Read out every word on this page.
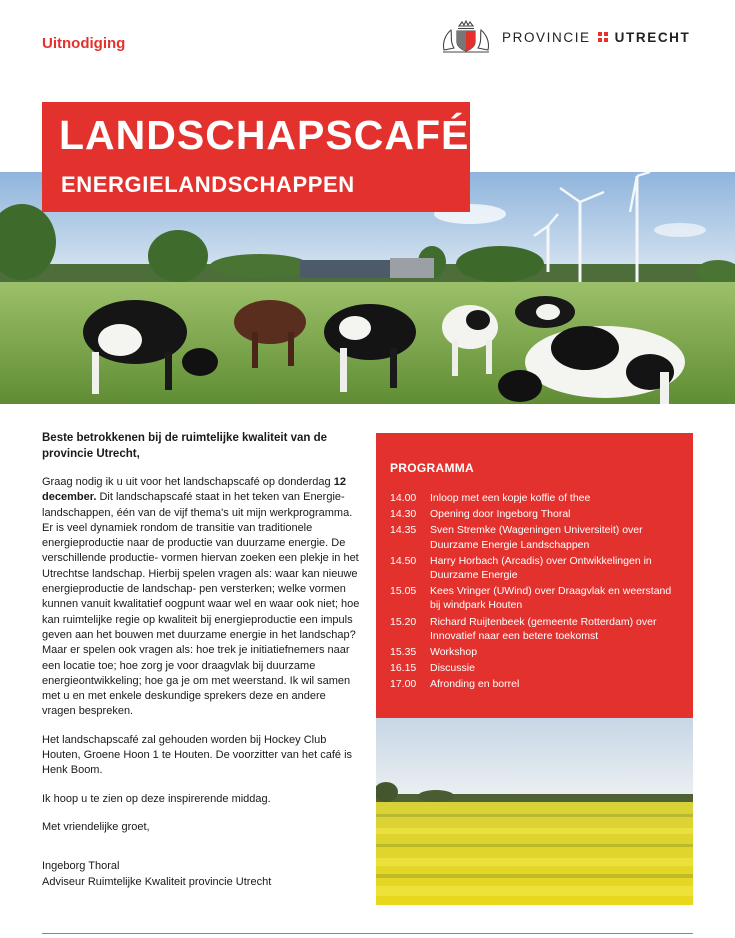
Uitnodiging	PROVINCIE UTRECHT
LANDSCHAPSCAFÉ
ENERGIELANDSCHAPPEN

Beste betrokkenen bij de ruimtelijke kwaliteit van de provincie Utrecht,

Graag nodig ik u uit voor het landschapscafé op donderdag 12 december. Dit landschapscafé staat in het teken van Energie- landschappen, één van de vijf thema's uit mijn werkprogramma. Er is veel dynamiek rondom de transitie van traditionele energieproductie naar de productie van duurzame energie. De verschillende productie- vormen hiervan zoeken een plekje in het Utrechtse landschap. Hierbij spelen vragen als: waar kan nieuwe energieproductie de landschap- pen versterken; welke vormen kunnen vanuit kwalitatief oogpunt waar wel en waar ook niet; hoe kan ruimtelijke regie op kwaliteit bij energieproductie een impuls geven aan het bouwen met duurzame energie in het landschap? Maar er spelen ook vragen als: hoe trek je initiatiefnemers naar een locatie toe; hoe zorg je voor draagvlak bij duurzame energieontwikkeling; hoe ga je om met weerstand. Ik wil samen met u en met enkele deskundige sprekers deze en andere vragen bespreken.

Het landschapscafé zal gehouden worden bij Hockey Club Houten, Groene Hoon 1 te Houten. De voorzitter van het café is Henk Boom.

Ik hoop u te zien op deze inspirerende middag.

Met vriendelijke groet,

Ingeborg Thoral
Adviseur Ruimtelijke Kwaliteit provincie Utrecht
PROGRAMMA
14.00	Inloop met een kopje koffie of thee
14.30	Opening door Ingeborg Thoral
14.35	Sven Stremke (Wageningen Universiteit) over Duurzame Energie Landschappen
14.50	Harry Horbach (Arcadis) over Ontwikkelingen in Duurzame Energie
15.05	Kees Vringer (UWind) over Draagvlak en weerstand bij windpark Houten
15.20	Richard Ruijtenbeek (gemeente Rotterdam) over Innovatief naar een betere toekomst
15.35	Workshop
16.15	Discussie
17.00	Afronding en borrel
